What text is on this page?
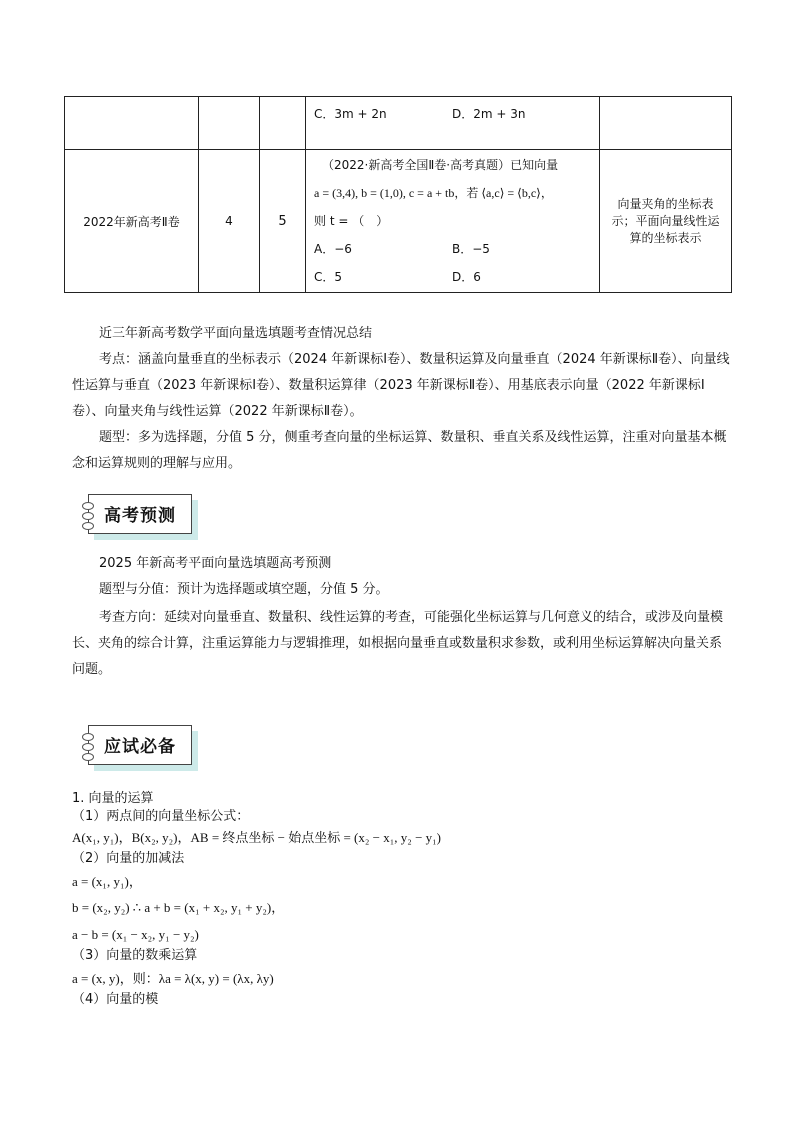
			C．3m + 2n D．2m + 3n	

2022年新高考Ⅱ卷	4	5	（2022·新高考全国Ⅱ卷·高考真题）已知向量
a = (3,4), b = (1,0), c = a + tb，若 ⟨a,c⟩ = ⟨b,c⟩，
则 t = （　）
A．−6 B．−5
C．5 D．6	向量夹角的坐标表示；平面向量线性运算的坐标表示
近三年新高考数学平面向量选填题考查情况总结
考点：涵盖向量垂直的坐标表示（2024 年新课标Ⅰ卷）、数量积运算及向量垂直（2024 年新课标Ⅱ卷）、向量线性运算与垂直（2023 年新课标Ⅰ卷）、数量积运算律（2023 年新课标Ⅱ卷）、用基底表示向量（2022 年新课标Ⅰ卷）、向量夹角与线性运算（2022 年新课标Ⅱ卷）。
题型：多为选择题，分值 5 分，侧重考查向量的坐标运算、数量积、垂直关系及线性运算，注重对向量基本概念和运算规则的理解与应用。
高考预测
2025 年新高考平面向量选填题高考预测
题型与分值：预计为选择题或填空题，分值 5 分。
考查方向：延续对向量垂直、数量积、线性运算的考查，可能强化坐标运算与几何意义的结合，或涉及向量模长、夹角的综合计算，注重运算能力与逻辑推理，如根据向量垂直或数量积求参数，或利用坐标运算解决向量关系问题。
应试必备
1. 向量的运算
（1）两点间的向量坐标公式：
A(x₁, y₁)，B(x₂, y₂)，AB = 终点坐标 − 始点坐标 = (x₂ − x₁, y₂ − y₁)
（2）向量的加减法
a = (x₁, y₁)，
b = (x₂, y₂) ∴ a + b = (x₁ + x₂, y₁ + y₂)，
a − b = (x₁ − x₂, y₁ − y₂)
（3）向量的数乘运算
a = (x, y)，则：λa = λ(x, y) = (λx, λy)
（4）向量的模
